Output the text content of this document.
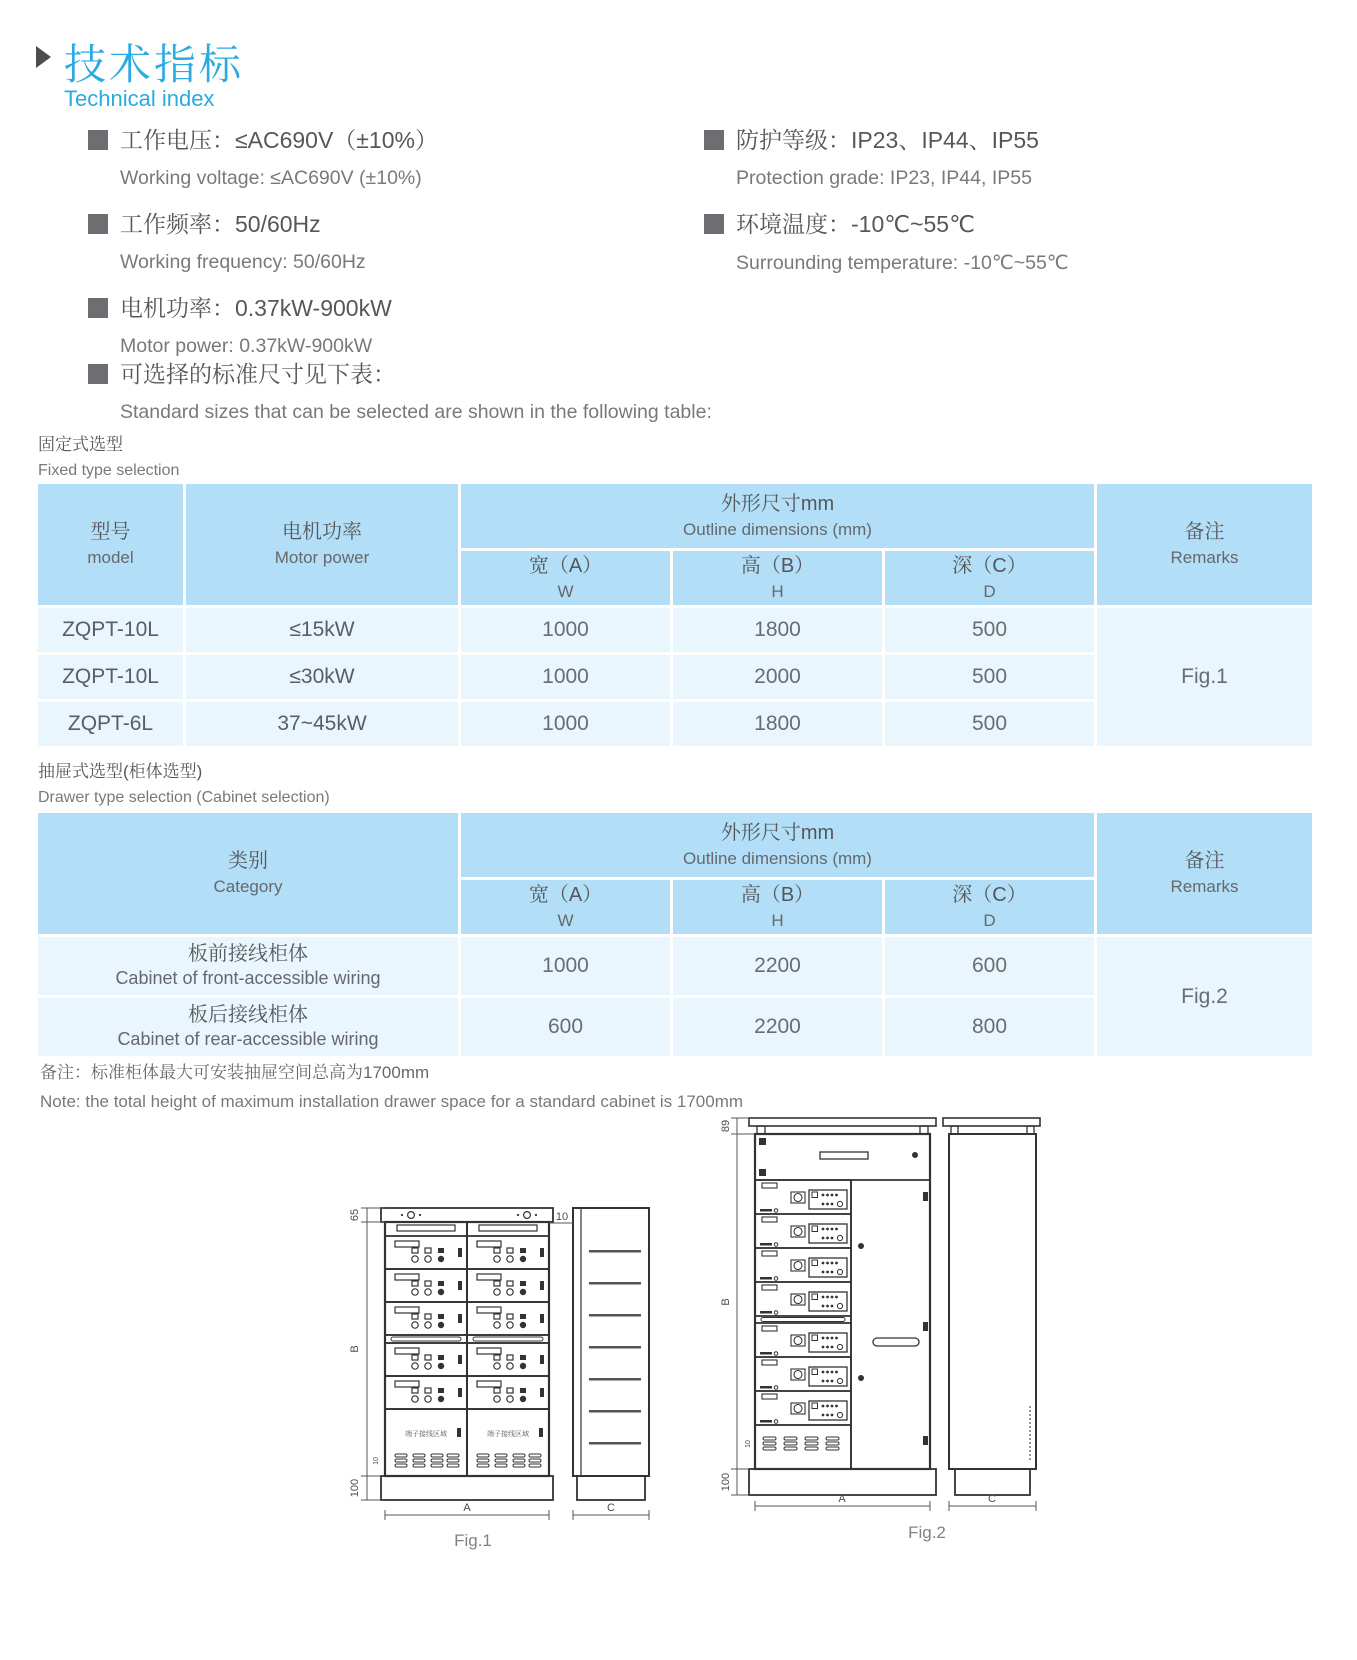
技术指标
Technical index
工作电压：≤AC690V（±10%）
Working voltage: ≤AC690V (±10%)
工作频率：50/60Hz
Working frequency: 50/60Hz
电机功率：0.37kW-900kW
Motor power: 0.37kW-900kW
防护等级：IP23、IP44、IP55
Protection grade: IP23, IP44, IP55
环境温度：-10℃~55℃
Surrounding temperature: -10℃~55℃
可选择的标准尺寸见下表：
Standard sizes that can be selected are shown in the following table:
固定式选型
Fixed type selection
型号
model

电机功率
Motor power

外形尺寸mm
Outline dimensions (mm)	备注
Remarks

宽（A）
W

高（B）
H

深（C）
D

ZQPT-10L	≤15kW	1000	1800	500	Fig.1
ZQPT-10L	≤30kW	1000	2000	500	
ZQPT-6L	37~45kW	1000	1800	500	
抽屉式选型(柜体选型)
Drawer type selection (Cabinet selection)
类别
Category

外形尺寸mm
Outline dimensions (mm)	备注
Remarks

宽（A）
W

高（B）
H

深（C）
D

板前接线柜体
Cabinet of front-accessible wiring	1000	2200	600	Fig.2

板后接线柜体
Cabinet of rear-accessible wiring	600	2200	800	
备注：标准柜体最大可安装抽屉空间总高为1700mm
Note: the total height of maximum installation drawer space for a standard cabinet is 1700mm
端子接线区域	端子接线区域
65
B
100
10
10
A	C
Fig.1
89
B
100
10
A	C
Fig.2
